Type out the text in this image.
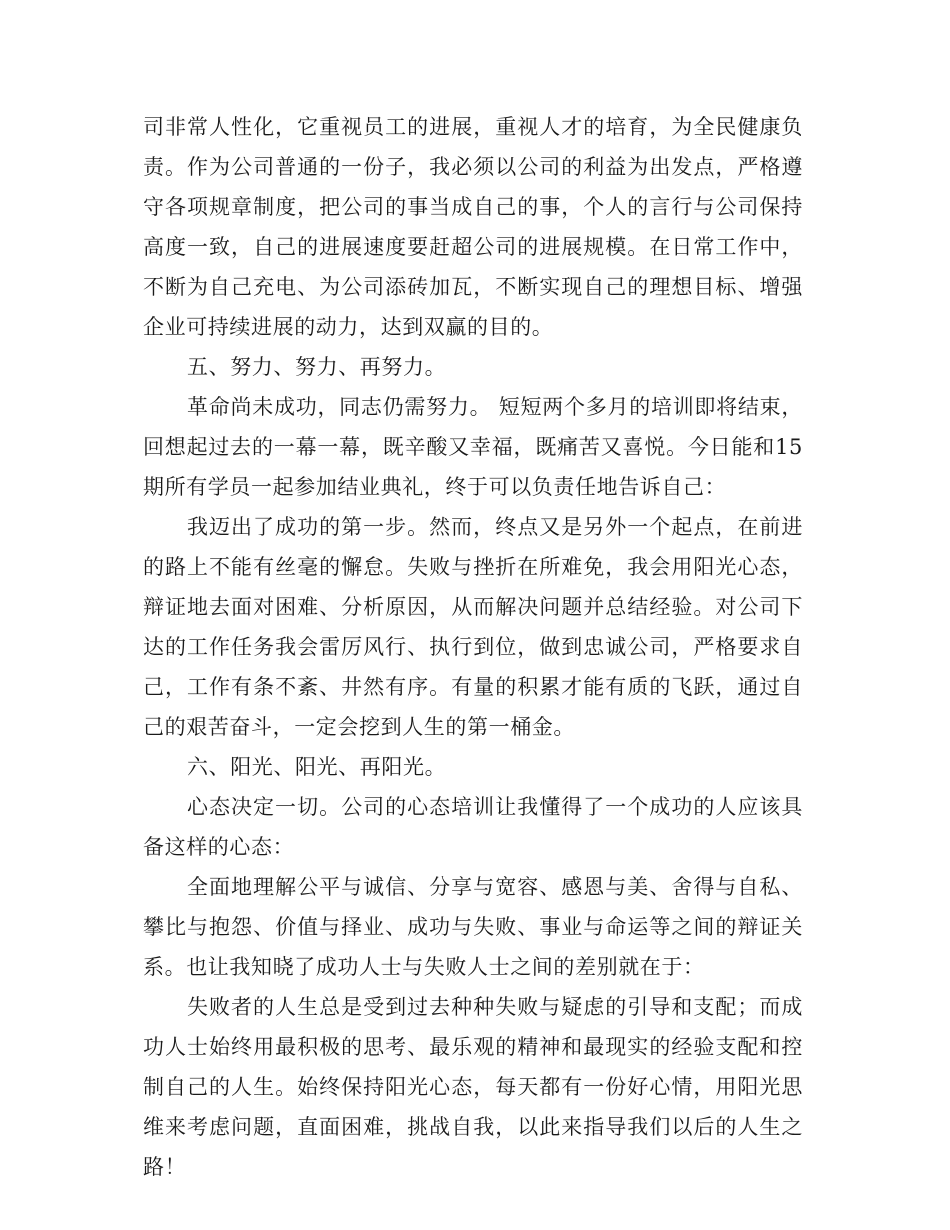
司非常人性化，它重视员工的进展，重视人才的培育，为全民健康负责。作为公司普通的一份子，我必须以公司的利益为出发点，严格遵守各项规章制度，把公司的事当成自己的事，个人的言行与公司保持高度一致，自己的进展速度要赶超公司的进展规模。在日常工作中，不断为自己充电、为公司添砖加瓦，不断实现自己的理想目标、增强企业可持续进展的动力，达到双赢的目的。

五、努力、努力、再努力。

革命尚未成功，同志仍需努力。 短短两个多月的培训即将结束，回想起过去的一幕一幕，既辛酸又幸福，既痛苦又喜悦。今日能和15期所有学员一起参加结业典礼，终于可以负责任地告诉自己：

我迈出了成功的第一步。然而，终点又是另外一个起点，在前进的路上不能有丝毫的懈怠。失败与挫折在所难免，我会用阳光心态，辩证地去面对困难、分析原因，从而解决问题并总结经验。对公司下达的工作任务我会雷厉风行、执行到位，做到忠诚公司，严格要求自己，工作有条不紊、井然有序。有量的积累才能有质的飞跃，通过自己的艰苦奋斗，一定会挖到人生的第一桶金。

六、阳光、阳光、再阳光。

心态决定一切。公司的心态培训让我懂得了一个成功的人应该具备这样的心态：

全面地理解公平与诚信、分享与宽容、感恩与美、舍得与自私、攀比与抱怨、价值与择业、成功与失败、事业与命运等之间的辩证关系。也让我知晓了成功人士与失败人士之间的差别就在于：

失败者的人生总是受到过去种种失败与疑虑的引导和支配；而成功人士始终用最积极的思考、最乐观的精神和最现实的经验支配和控制自己的人生。始终保持阳光心态，每天都有一份好心情，用阳光思维来考虑问题，直面困难，挑战自我，以此来指导我们以后的人生之路！
